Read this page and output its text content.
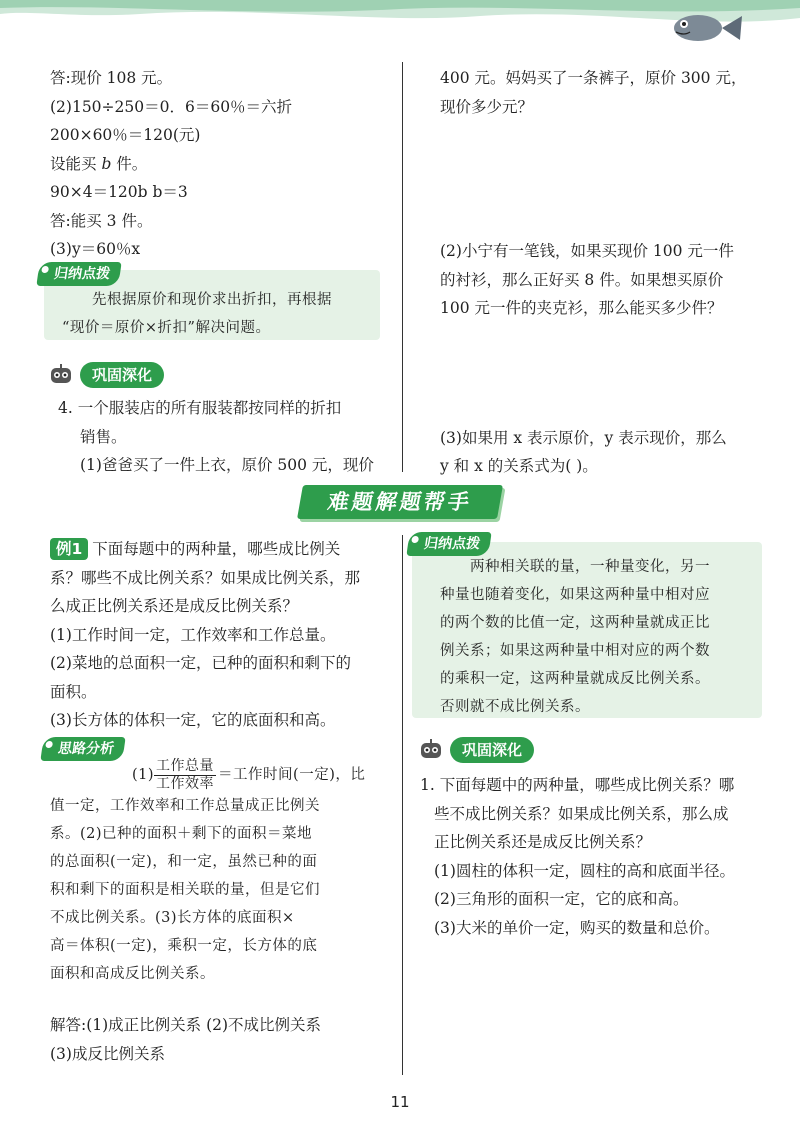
答:现价 108 元。
(2)150÷250＝0．6＝60％＝六折
200×60％＝120(元)
设能买 b 件。
90×4＝120b b＝3
答:能买 3 件。
(3)y＝60％x
归纳点拨
先根据原价和现价求出折扣，再根据
“现价＝原价×折扣”解决问题。
巩固深化
4. 一个服装店的所有服装都按同样的折扣
销售。
(1)爸爸买了一件上衣，原价 500 元，现价
400 元。妈妈买了一条裤子，原价 300 元，
现价多少元？
(2)小宁有一笔钱，如果买现价 100 元一件
的衬衫，那么正好买 8 件。如果想买原价
100 元一件的夹克衫，那么能买多少件？
(3)如果用 x 表示原价，y 表示现价，那么
y 和 x 的关系式为( )。
难题解题帮手
例1 下面每题中的两种量，哪些成比例关
系？哪些不成比例关系？如果成比例关系，那
么成正比例关系还是成反比例关系？
(1)工作时间一定，工作效率和工作总量。
(2)菜地的总面积一定，已种的面积和剩下的
面积。
(3)长方体的体积一定，它的底面积和高。
思路分析
$(1) \frac{\text{工作总量}}{\text{工作效率}}$ ＝工作时间(一定)，比
值一定，工作效率和工作总量成正比例关
系。(2)已种的面积＋剩下的面积＝菜地
的总面积(一定)，和一定，虽然已种的面
积和剩下的面积是相关联的量，但是它们
不成比例关系。(3)长方体的底面积×
高＝体积(一定)，乘积一定，长方体的底
面积和高成反比例关系。
解答:(1)成正比例关系 (2)不成比例关系
(3)成反比例关系
归纳点拨
两种相关联的量，一种量变化，另一
种量也随着变化，如果这两种量中相对应
的两个数的比值一定，这两种量就成正比
例关系；如果这两种量中相对应的两个数
的乘积一定，这两种量就成反比例关系。
否则就不成比例关系。
巩固深化
1. 下面每题中的两种量，哪些成比例关系？哪
些不成比例关系？如果成比例关系，那么成
正比例关系还是成反比例关系？
(1)圆柱的体积一定，圆柱的高和底面半径。
(2)三角形的面积一定，它的底和高。
(3)大米的单价一定，购买的数量和总价。
11
